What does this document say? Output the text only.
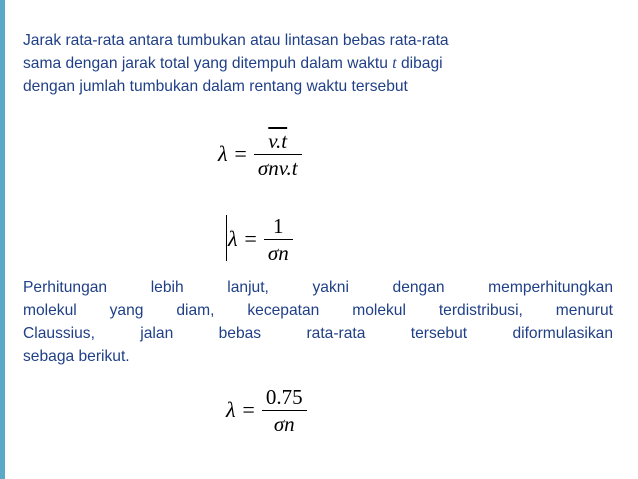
Jarak rata-rata antara tumbukan atau lintasan bebas rata-rata
sama dengan jarak total yang ditempuh dalam waktu t dibagi
dengan jumlah tumbukan dalam rentang waktu tersebut
$\lambda = \frac{v.t}{\text{σnv.t}}$
$\lambda = \frac{1}{\sigma n}$
Perhitungan lebih lanjut, yakni dengan memperhitungkan
molekul yang diam, kecepatan molekul terdistribusi, menurut
Claussius, jalan bebas rata-rata tersebut diformulasikan
sebaga berikut.
$\lambda = \frac{0.75}{\sigma n}$
